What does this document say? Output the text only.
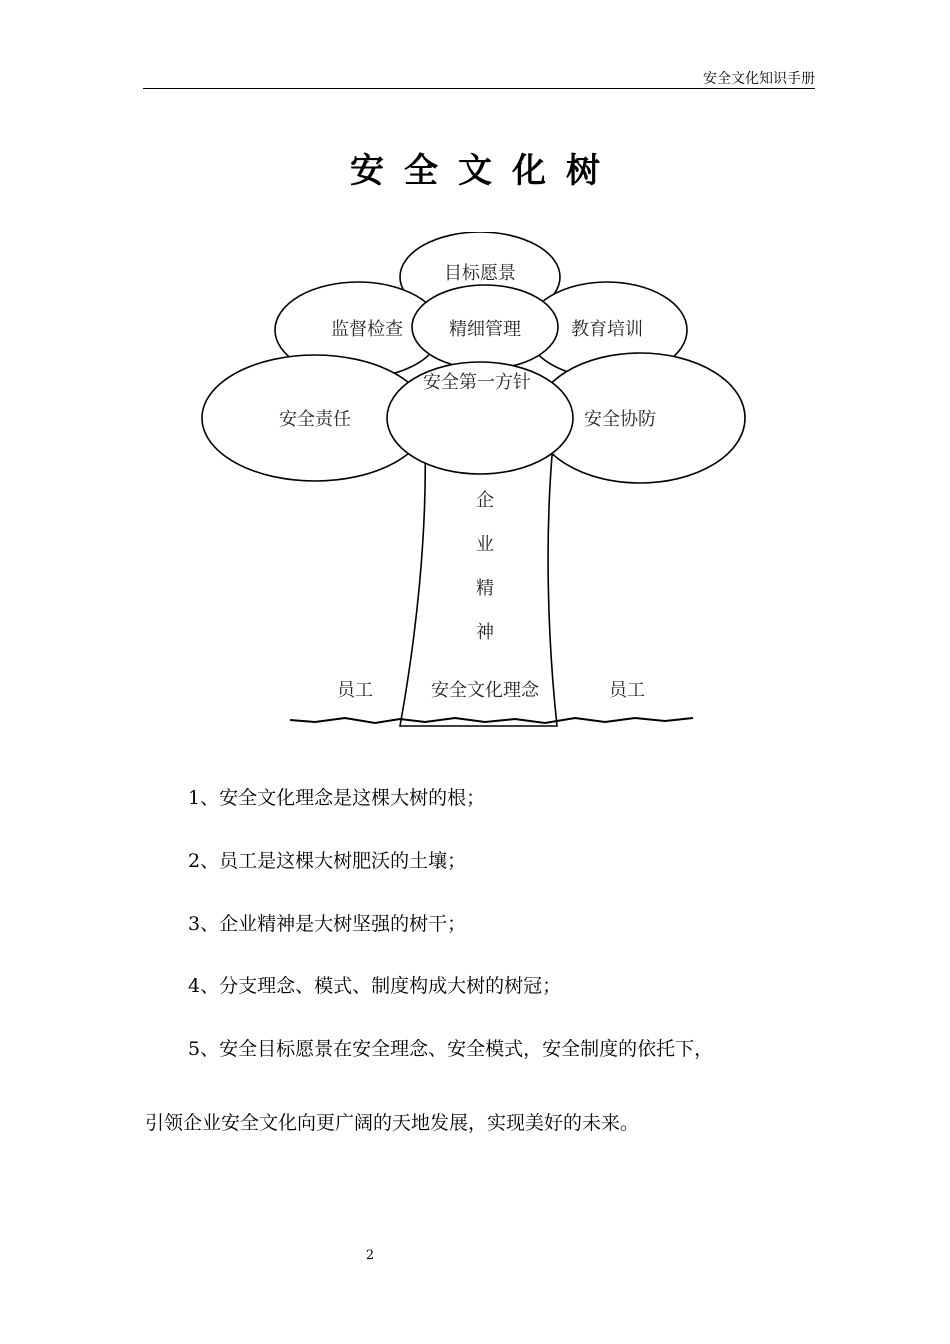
安全文化知识手册
安全文化树
目标愿景
监督检查	精细管理	教育培训
安全第一方针
安全责任	安全协防
企
业
精
神
安全文化理念
员工	员工
1、安全文化理念是这棵大树的根；
2、员工是这棵大树肥沃的土壤；
3、企业精神是大树坚强的树干；
4、分支理念、模式、制度构成大树的树冠；
5、安全目标愿景在安全理念、安全模式，安全制度的依托下，
引领企业安全文化向更广阔的天地发展，实现美好的未来。
2
